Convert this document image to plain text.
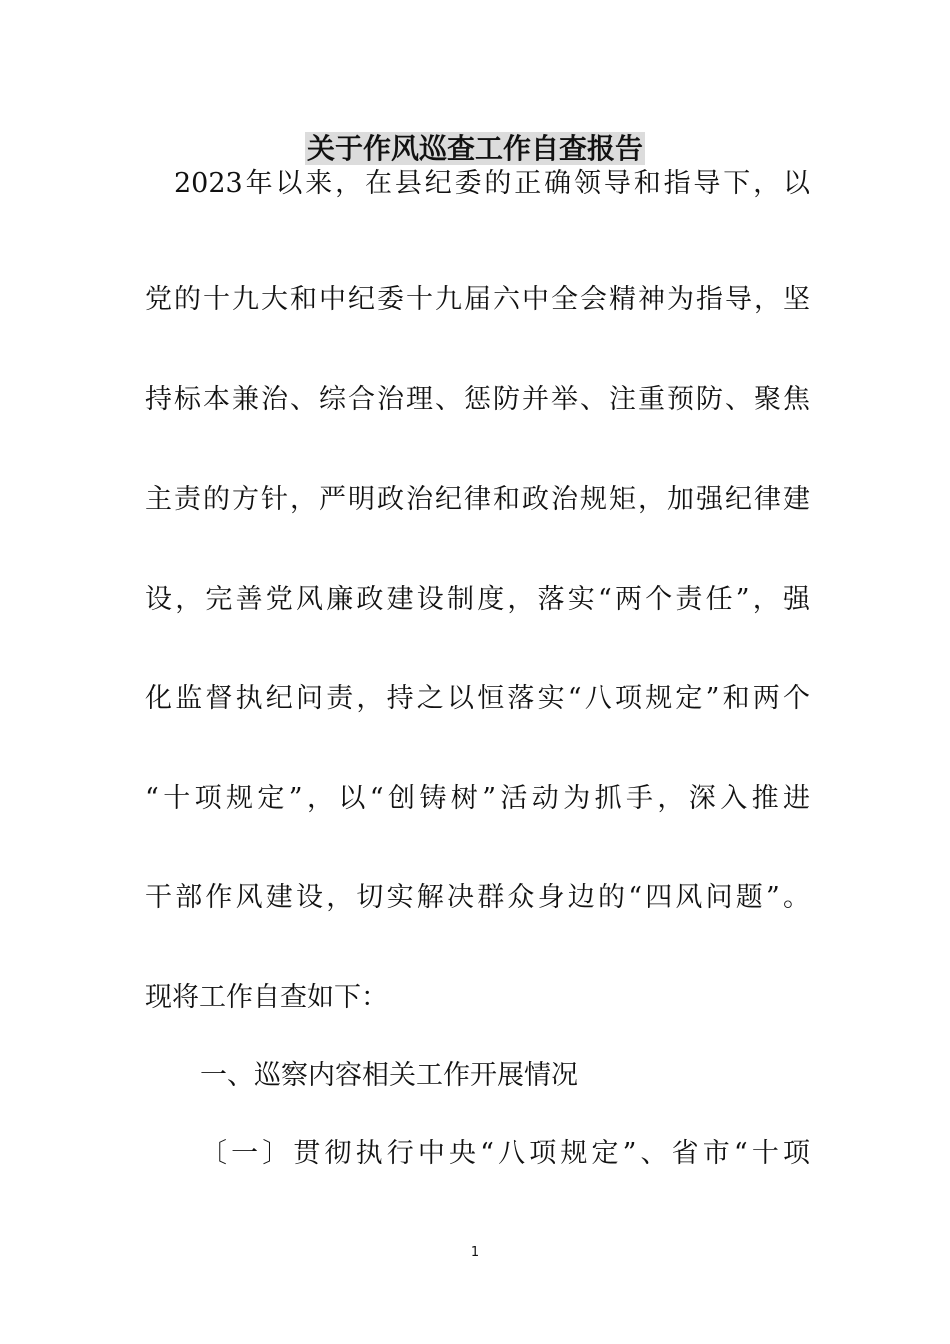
关于作风巡查工作自查报告
2023年以来，在县纪委的正确领导和指导下，以
党的十九大和中纪委十九届六中全会精神为指导，坚
持标本兼治、综合治理、惩防并举、注重预防、聚焦
主责的方针，严明政治纪律和政治规矩，加强纪律建
设，完善党风廉政建设制度，落实“两个责任”，强
化监督执纪问责，持之以恒落实“八项规定”和两个
“十项规定”，以“创铸树”活动为抓手，深入推进
干部作风建设，切实解决群众身边的“四风问题”。
现将工作自查如下：
一、巡察内容相关工作开展情况
〔一〕贯彻执行中央“八项规定”、省市“十项
1
